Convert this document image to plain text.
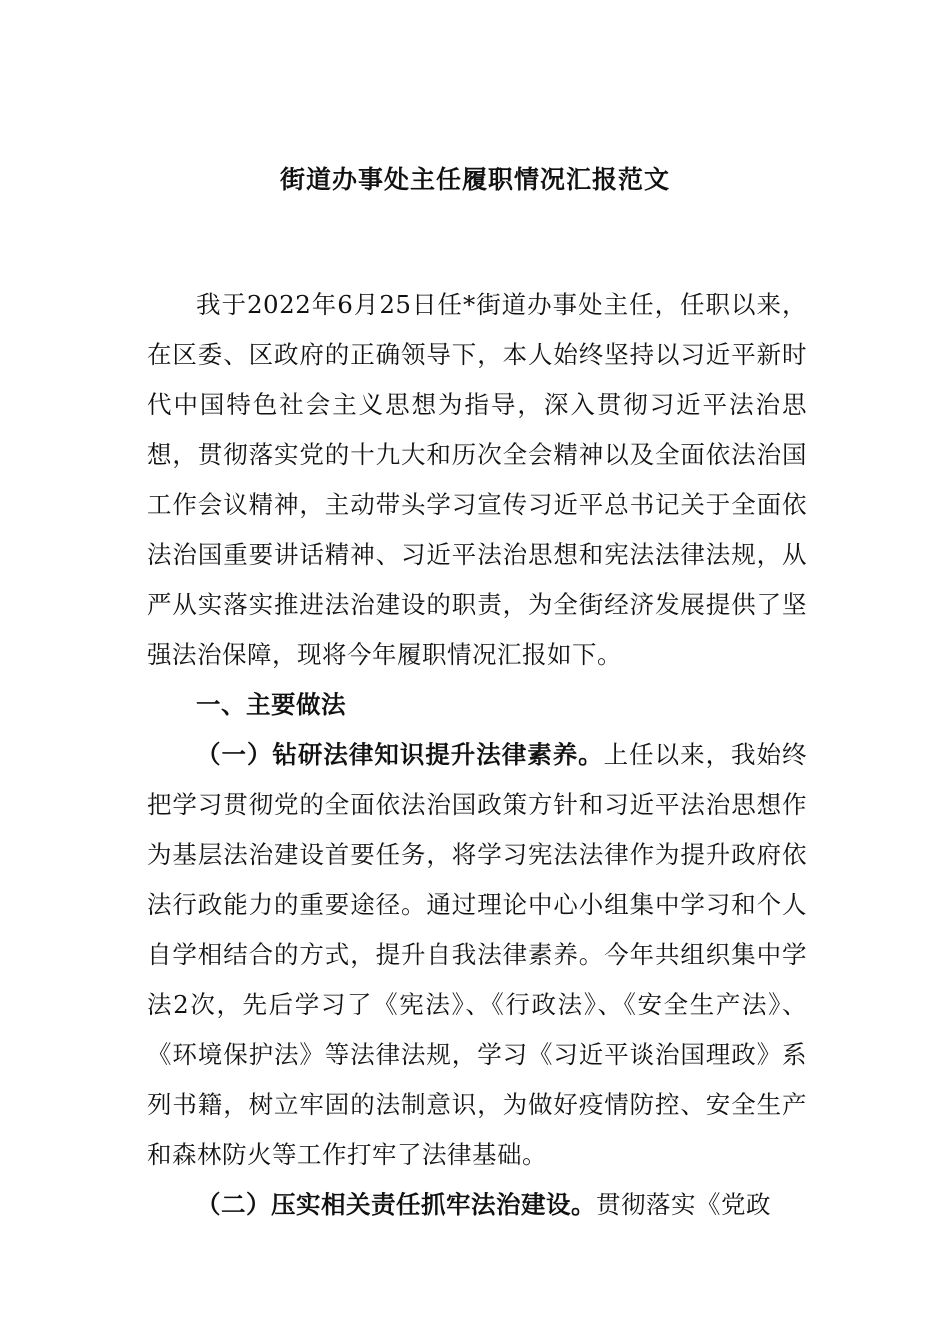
街道办事处主任履职情况汇报范文

我于2022年6月25日任*街道办事处主任，任职以来，在区委、区政府的正确领导下，本人始终坚持以习近平新时代中国特色社会主义思想为指导，深入贯彻习近平法治思想，贯彻落实党的十九大和历次全会精神以及全面依法治国工作会议精神，主动带头学习宣传习近平总书记关于全面依法治国重要讲话精神、习近平法治思想和宪法法律法规，从严从实落实推进法治建设的职责，为全街经济发展提供了坚强法治保障，现将今年履职情况汇报如下。

一、主要做法

（一）钻研法律知识提升法律素养。上任以来，我始终把学习贯彻党的全面依法治国政策方针和习近平法治思想作为基层法治建设首要任务，将学习宪法法律作为提升政府依法行政能力的重要途径。通过理论中心小组集中学习和个人自学相结合的方式，提升自我法律素养。今年共组织集中学法2次，先后学习了《宪法》、《行政法》、《安全生产法》、《环境保护法》等法律法规，学习《习近平谈治国理政》系列书籍，树立牢固的法制意识，为做好疫情防控、安全生产和森林防火等工作打牢了法律基础。

（二）压实相关责任抓牢法治建设。贯彻落实《党政
